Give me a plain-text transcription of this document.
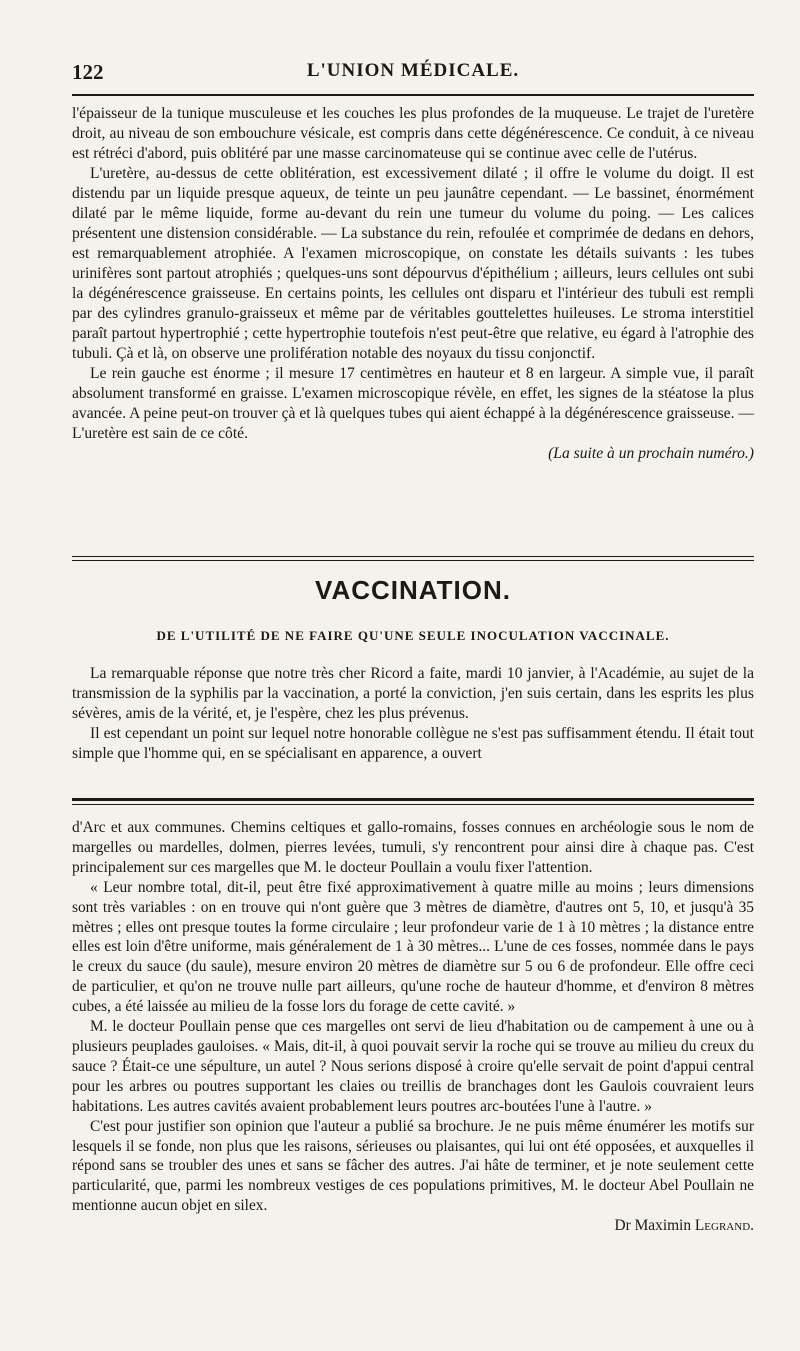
122	L'UNION MÉDICALE.

l'épaisseur de la tunique musculeuse et les couches les plus profondes de la muqueuse. Le trajet de l'uretère droit, au niveau de son embouchure vésicale, est compris dans cette dégénérescence. Ce conduit, à ce niveau est rétréci d'abord, puis oblitéré par une masse carcinomateuse qui se continue avec celle de l'utérus.

L'uretère, au-dessus de cette oblitération, est excessivement dilaté ; il offre le volume du doigt. Il est distendu par un liquide presque aqueux, de teinte un peu jaunâtre cependant. — Le bassinet, énormément dilaté par le même liquide, forme au-devant du rein une tumeur du volume du poing. — Les calices présentent une distension considérable. — La substance du rein, refoulée et comprimée de dedans en dehors, est remarquablement atrophiée. A l'examen microscopique, on constate les détails suivants : les tubes urinifères sont partout atrophiés ; quelques-uns sont dépourvus d'épithélium ; ailleurs, leurs cellules ont subi la dégénérescence graisseuse. En certains points, les cellules ont disparu et l'intérieur des tubuli est rempli par des cylindres granulo-graisseux et même par de véritables gouttelettes huileuses. Le stroma interstitiel paraît partout hypertrophié ; cette hypertrophie toutefois n'est peut-être que relative, eu égard à l'atrophie des tubuli. Çà et là, on observe une prolifération notable des noyaux du tissu conjonctif.

Le rein gauche est énorme ; il mesure 17 centimètres en hauteur et 8 en largeur. A simple vue, il paraît absolument transformé en graisse. L'examen microscopique révèle, en effet, les signes de la stéatose la plus avancée. A peine peut-on trouver çà et là quelques tubes qui aient échappé à la dégénérescence graisseuse. — L'uretère est sain de ce côté.

(La suite à un prochain numéro.)

VACCINATION.
DE L'UTILITÉ DE NE FAIRE QU'UNE SEULE INOCULATION VACCINALE.

La remarquable réponse que notre très cher Ricord a faite, mardi 10 janvier, à l'Académie, au sujet de la transmission de la syphilis par la vaccination, a porté la conviction, j'en suis certain, dans les esprits les plus sévères, amis de la vérité, et, je l'espère, chez les plus prévenus.

Il est cependant un point sur lequel notre honorable collègue ne s'est pas suffisamment étendu. Il était tout simple que l'homme qui, en se spécialisant en apparence, a ouvert

d'Arc et aux communes. Chemins celtiques et gallo-romains, fosses connues en archéologie sous le nom de margelles ou mardelles, dolmen, pierres levées, tumuli, s'y rencontrent pour ainsi dire à chaque pas. C'est principalement sur ces margelles que M. le docteur Poullain a voulu fixer l'attention.

« Leur nombre total, dit-il, peut être fixé approximativement à quatre mille au moins ; leurs dimensions sont très variables : on en trouve qui n'ont guère que 3 mètres de diamètre, d'autres ont 5, 10, et jusqu'à 35 mètres ; elles ont presque toutes la forme circulaire ; leur profondeur varie de 1 à 10 mètres ; la distance entre elles est loin d'être uniforme, mais généralement de 1 à 30 mètres... L'une de ces fosses, nommée dans le pays le creux du sauce (du saule), mesure environ 20 mètres de diamètre sur 5 ou 6 de profondeur. Elle offre ceci de particulier, et qu'on ne trouve nulle part ailleurs, qu'une roche de hauteur d'homme, et d'environ 8 mètres cubes, a été laissée au milieu de la fosse lors du forage de cette cavité. »

M. le docteur Poullain pense que ces margelles ont servi de lieu d'habitation ou de campement à une ou à plusieurs peuplades gauloises. « Mais, dit-il, à quoi pouvait servir la roche qui se trouve au milieu du creux du sauce ? Était-ce une sépulture, un autel ? Nous serions disposé à croire qu'elle servait de point d'appui central pour les arbres ou poutres supportant les claies ou treillis de branchages dont les Gaulois couvraient leurs habitations. Les autres cavités avaient probablement leurs poutres arc-boutées l'une à l'autre. »

C'est pour justifier son opinion que l'auteur a publié sa brochure. Je ne puis même énumérer les motifs sur lesquels il se fonde, non plus que les raisons, sérieuses ou plaisantes, qui lui ont été opposées, et auxquelles il répond sans se troubler des unes et sans se fâcher des autres. J'ai hâte de terminer, et je note seulement cette particularité, que, parmi les nombreux vestiges de ces populations primitives, M. le docteur Abel Poullain ne mentionne aucun objet en silex.

Dr Maximin Legrand.
